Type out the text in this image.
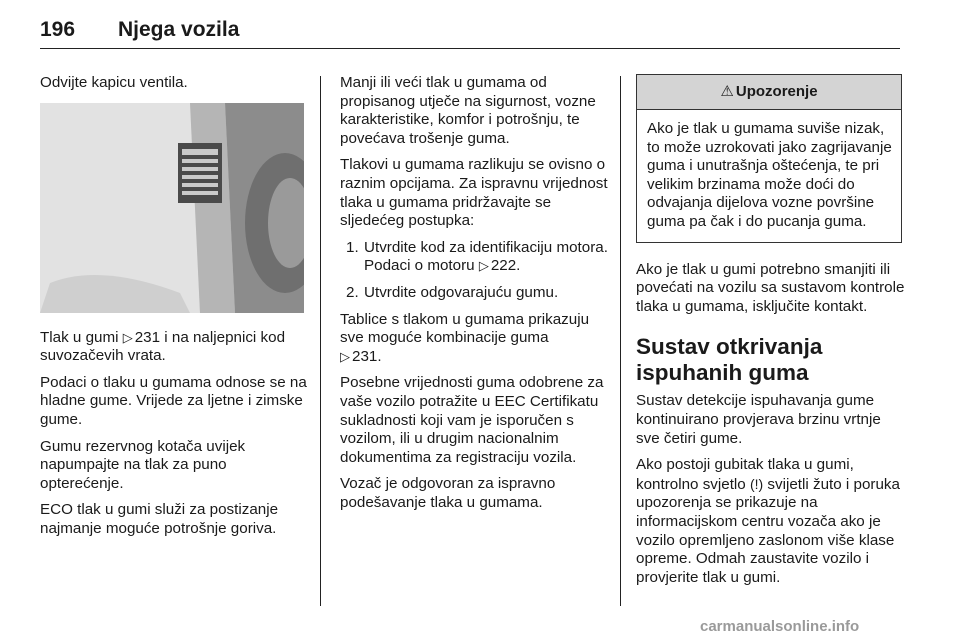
196 Njega vozila

Odvijte kapicu ventila.

Tlak u gumi ▷ 231 i na naljepnici kod suvozačevih vrata.

Podaci o tlaku u gumama odnose se na hladne gume. Vrijede za ljetne i zimske gume.

Gumu rezervnog kotača uvijek napumpajte na tlak za puno opterećenje.

ECO tlak u gumi služi za postizanje najmanje moguće potrošnje goriva.

Manji ili veći tlak u gumama od propisanog utječe na sigurnost, vozne karakteristike, komfor i potrošnju, te povećava trošenje guma.

Tlakovi u gumama razlikuju se ovisno o raznim opcijama. Za ispravnu vrijednost tlaka u gumama pridržavajte se sljedećeg postupka:

1. Utvrdite kod za identifikaciju motora. Podaci o motoru ▷ 222.
2. Utvrdite odgovarajuću gumu.

Tablice s tlakom u gumama prikazuju sve moguće kombinacije guma
▷ 231.

Posebne vrijednosti guma odobrene za vaše vozilo potražite u EEC Certifikatu sukladnosti koji vam je isporučen s vozilom, ili u drugim nacionalnim dokumentima za registraciju vozila.

Vozač je odgovoran za ispravno podešavanje tlaka u gumama.

⚠ Upozorenje
Ako je tlak u gumama suviše nizak, to može uzrokovati jako zagrijavanje guma i unutrašnja oštećenja, te pri velikim brzinama može doći do odvajanja dijelova vozne površine guma pa čak i do pucanja guma.

Ako je tlak u gumi potrebno smanjiti ili povećati na vozilu sa sustavom kontrole tlaka u gumama, isključite kontakt.

Sustav otkrivanja ispuhanih guma

Sustav detekcije ispuhavanja gume kontinuirano provjerava brzinu vrtnje sve četiri gume.

Ako postoji gubitak tlaka u gumi, kontrolno svjetlo (!) svijetli žuto i poruka upozorenja se prikazuje na informacijskom centru vozača ako je vozilo opremljeno zaslonom više klase opreme. Odmah zaustavite vozilo i provjerite tlak u gumi.

carmanualsonline.info
